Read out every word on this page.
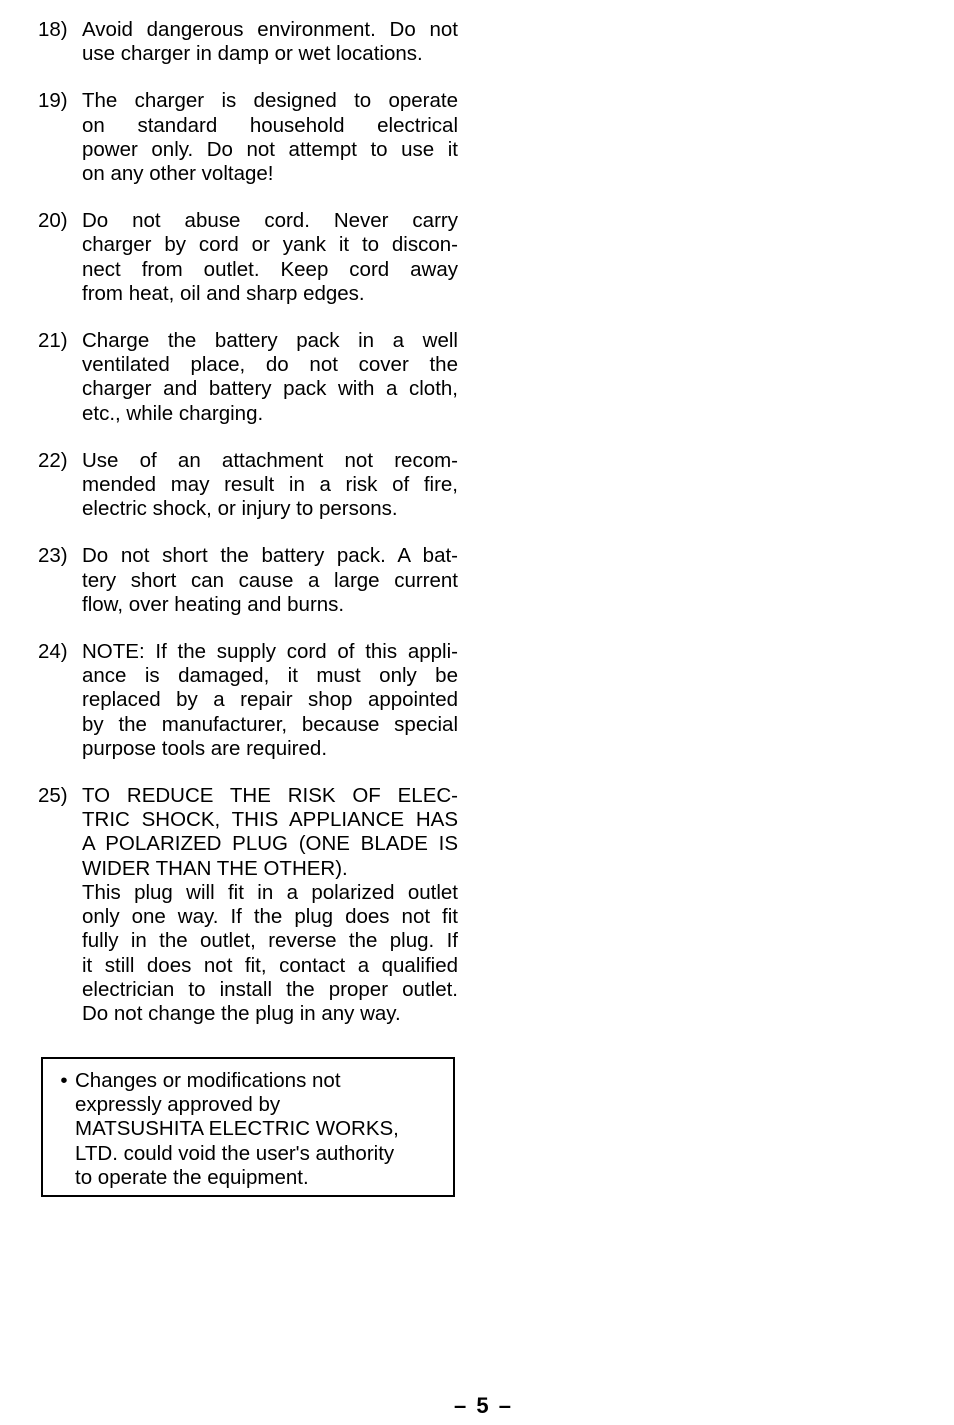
18) Avoid dangerous environment. Do not
use charger in damp or wet locations.
19) The charger is designed to operate
on standard household electrical
power only. Do not attempt to use it
on any other voltage!
20) Do not abuse cord. Never carry
charger by cord or yank it to discon-
nect from outlet. Keep cord away
from heat, oil and sharp edges.
21) Charge the battery pack in a well
ventilated place, do not cover the
charger and battery pack with a cloth,
etc., while charging.
22) Use of an attachment not recom-
mended may result in a risk of fire,
electric shock, or injury to persons.
23) Do not short the battery pack. A bat-
tery short can cause a large current
flow, over heating and burns.
24) NOTE: If the supply cord of this appli-
ance is damaged, it must only be
replaced by a repair shop appointed
by the manufacturer, because special
purpose tools are required.
25) TO REDUCE THE RISK OF ELEC-
TRIC SHOCK, THIS APPLIANCE HAS
A POLARIZED PLUG (ONE BLADE IS
WIDER THAN THE OTHER).
This plug will fit in a polarized outlet
only one way. If the plug does not fit
fully in the outlet, reverse the plug. If
it still does not fit, contact a qualified
electrician to install the proper outlet.
Do not change the plug in any way.
• Changes or modifications not
expressly approved by
MATSUSHITA ELECTRIC WORKS,
LTD. could void the user's authority
to operate the equipment.
– 5 –
